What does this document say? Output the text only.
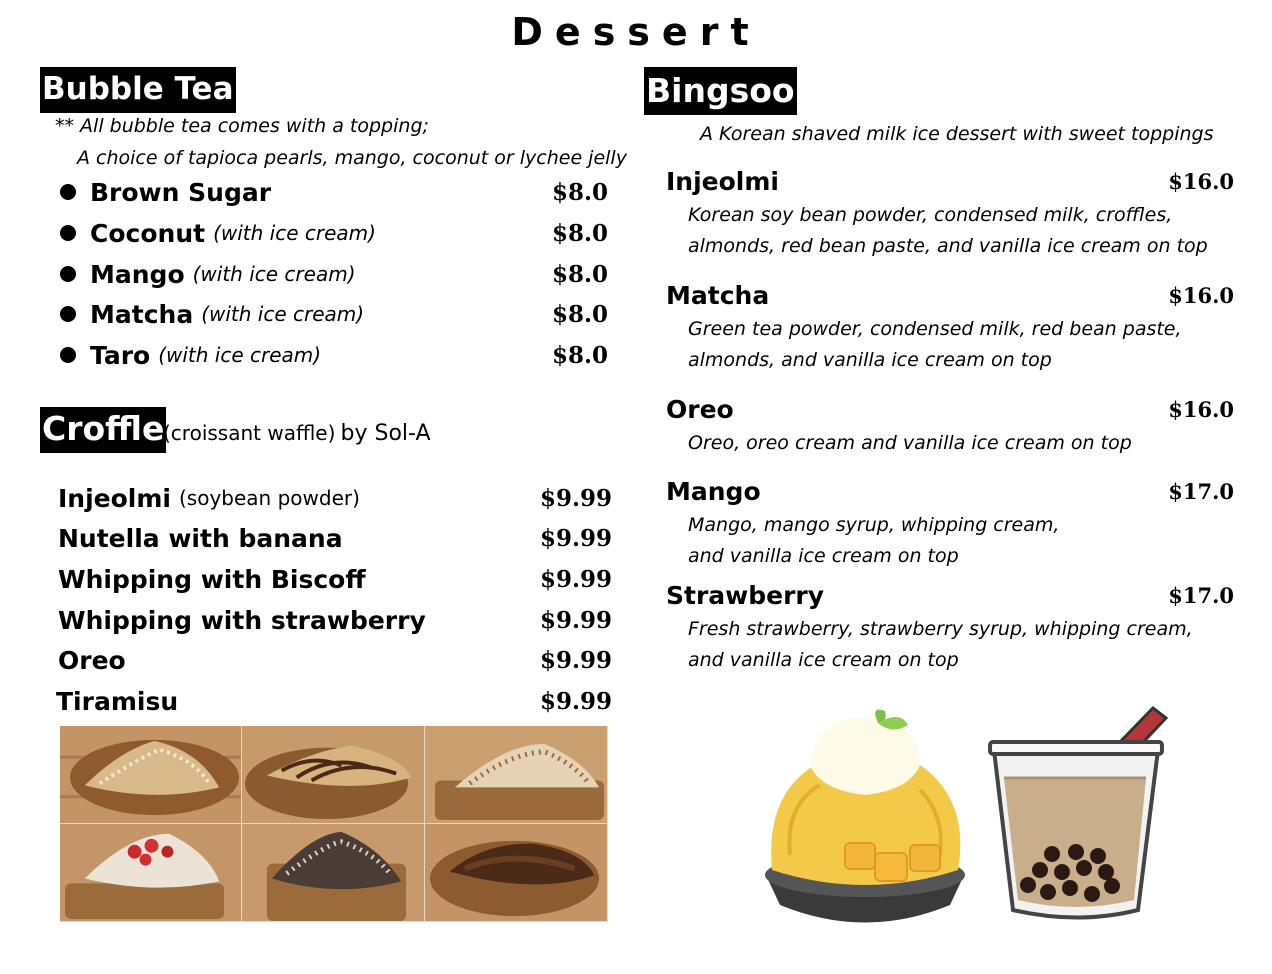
Dessert
Bubble Tea
** All bubble tea comes with a topping;
A choice of tapioca pearls, mango, coconut or lychee jelly
Brown Sugar	$8.0
Coconut (with ice cream)	$8.0
Mango (with ice cream)	$8.0
Matcha (with ice cream)	$8.0
Taro (with ice cream)	$8.0
Croffle
(croissant waffle) by Sol-A
Injeolmi (soybean powder)	$9.99
Nutella with banana	$9.99
Whipping with Biscoff	$9.99
Whipping with strawberry	$9.99
Oreo	$9.99
Tiramisu	$9.99
Bingsoo
A Korean shaved milk ice dessert with sweet toppings
Injeolmi	$16.0
Korean soy bean powder, condensed milk, croffles,
almonds, red bean paste, and vanilla ice cream on top
Matcha	$16.0
Green tea powder, condensed milk, red bean paste,
almonds, and vanilla ice cream on top
Oreo	$16.0
Oreo, oreo cream and vanilla ice cream on top
Mango	$17.0
Mango, mango syrup, whipping cream,
and vanilla ice cream on top
Strawberry	$17.0
Fresh strawberry, strawberry syrup, whipping cream,
and vanilla ice cream on top
